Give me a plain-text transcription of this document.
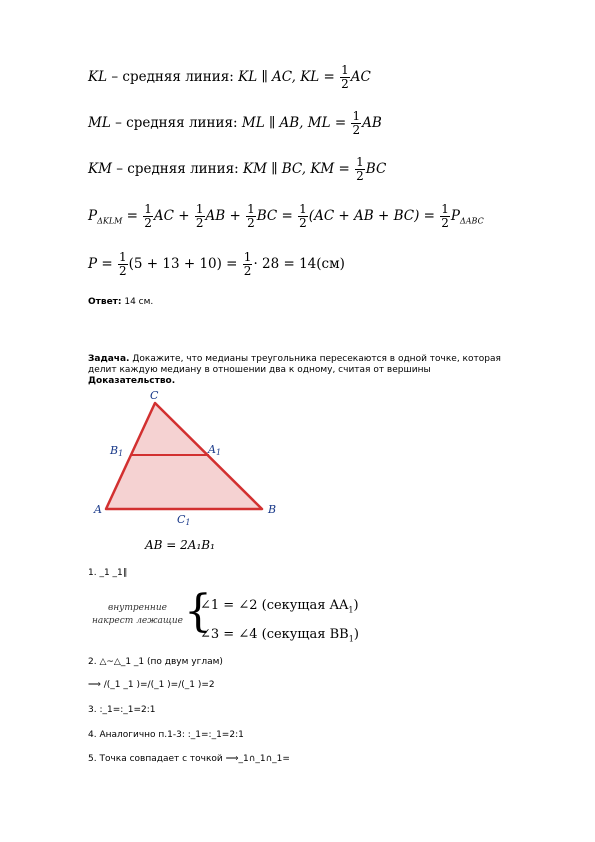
KL – средняя линия: KL ∥ AC, KL = $\frac{1}{2}$ AC
ML – средняя линия: ML ∥ AB, ML = $\frac{1}{2}$ AB
KM – средняя линия: KM ∥ BC, KM = $\frac{1}{2}$ BC
$P_{\Delta KLM} = \frac{1}{2}$ AC + $\frac{1}{2}$ AB + $\frac{1}{2}$ BC = $\frac{1}{2} (AC$ + AB + $BC) = \frac{1}{2} P_{\Delta ABC}$
$P = \frac{1}{2} (5 + 13 + 10) = \frac{1}{2} \cdot 28 = 14(см)$
Ответ: 14 см.
Задача. Докажите, что медианы треугольника пересекаются в одной точке, которая
делит каждую медиану в отношении два к одному, считая от вершины
Доказательство.
C
B1	A1
A	B
C1
AB = 2A₁B₁
1. _1 _1∥
внутренние
накрест лежащие {
∠1 = ∠2 (секущая $AA_1$)
∠3 = ∠4 (секущая $BB_1$)
2. △~△_1 _1 (по двум углам)
⟹ /(_1 _1 )=/(_1 )=/(_1 )=2
3. :_1=:_1=2:1
4. Аналогично п.1-3: :_1=:_1=2:1
5. Точка совпадает с точкой ⟹_1∩_1∩_1=
